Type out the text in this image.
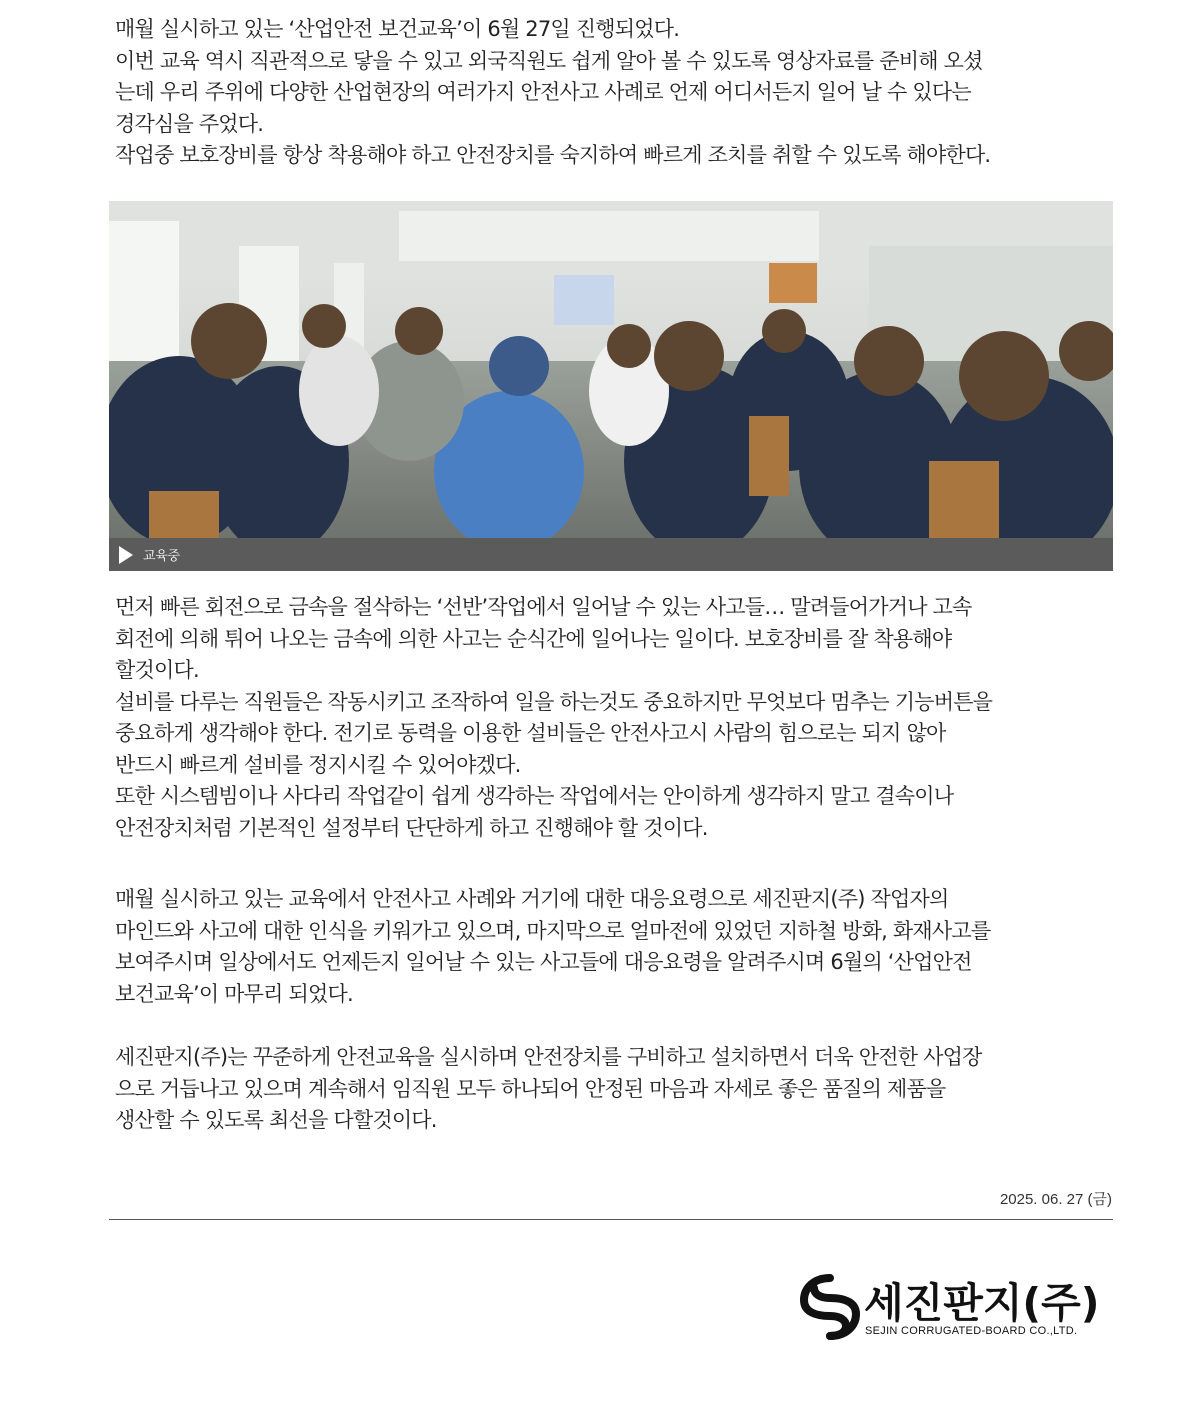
매월 실시하고 있는 ‘산업안전 보건교육’이 6월 27일 진행되었다.
이번 교육 역시 직관적으로 닿을 수 있고 외국직원도 쉽게 알아 볼 수 있도록 영상자료를 준비해 오셨
는데 우리 주위에 다양한 산업현장의 여러가지 안전사고 사례로 언제 어디서든지 일어 날 수 있다는
경각심을 주었다.
작업중 보호장비를 항상 착용해야 하고 안전장치를 숙지하여 빠르게 조치를 취할 수 있도록 해야한다.
교육중
먼저 빠른 회전으로 금속을 절삭하는 ‘선반’작업에서 일어날 수 있는 사고들… 말려들어가거나 고속
회전에 의해 튀어 나오는 금속에 의한 사고는 순식간에 일어나는 일이다. 보호장비를 잘 착용해야
할것이다.
설비를 다루는 직원들은 작동시키고 조작하여 일을 하는것도 중요하지만 무엇보다 멈추는 기능버튼을
중요하게 생각해야 한다. 전기로 동력을 이용한 설비들은 안전사고시 사람의 힘으로는 되지 않아
반드시 빠르게 설비를 정지시킬 수 있어야겠다.
또한 시스템빔이나 사다리 작업같이 쉽게 생각하는 작업에서는 안이하게 생각하지 말고 결속이나
안전장치처럼 기본적인 설정부터 단단하게 하고 진행해야 할 것이다.
매월 실시하고 있는 교육에서 안전사고 사례와 거기에 대한 대응요령으로 세진판지(주) 작업자의
마인드와 사고에 대한 인식을 키워가고 있으며, 마지막으로 얼마전에 있었던 지하철 방화, 화재사고를
보여주시며 일상에서도 언제든지 일어날 수 있는 사고들에 대응요령을 알려주시며 6월의 ‘산업안전
보건교육’이 마무리 되었다.
세진판지(주)는 꾸준하게 안전교육을 실시하며 안전장치를 구비하고 설치하면서 더욱 안전한 사업장
으로 거듭나고 있으며 계속해서 임직원 모두 하나되어 안정된 마음과 자세로 좋은 품질의 제품을
생산할 수 있도록 최선을 다할것이다.
2025. 06. 27 (금)
세진판지(주)
SEJIN CORRUGATED-BOARD CO.,LTD.
